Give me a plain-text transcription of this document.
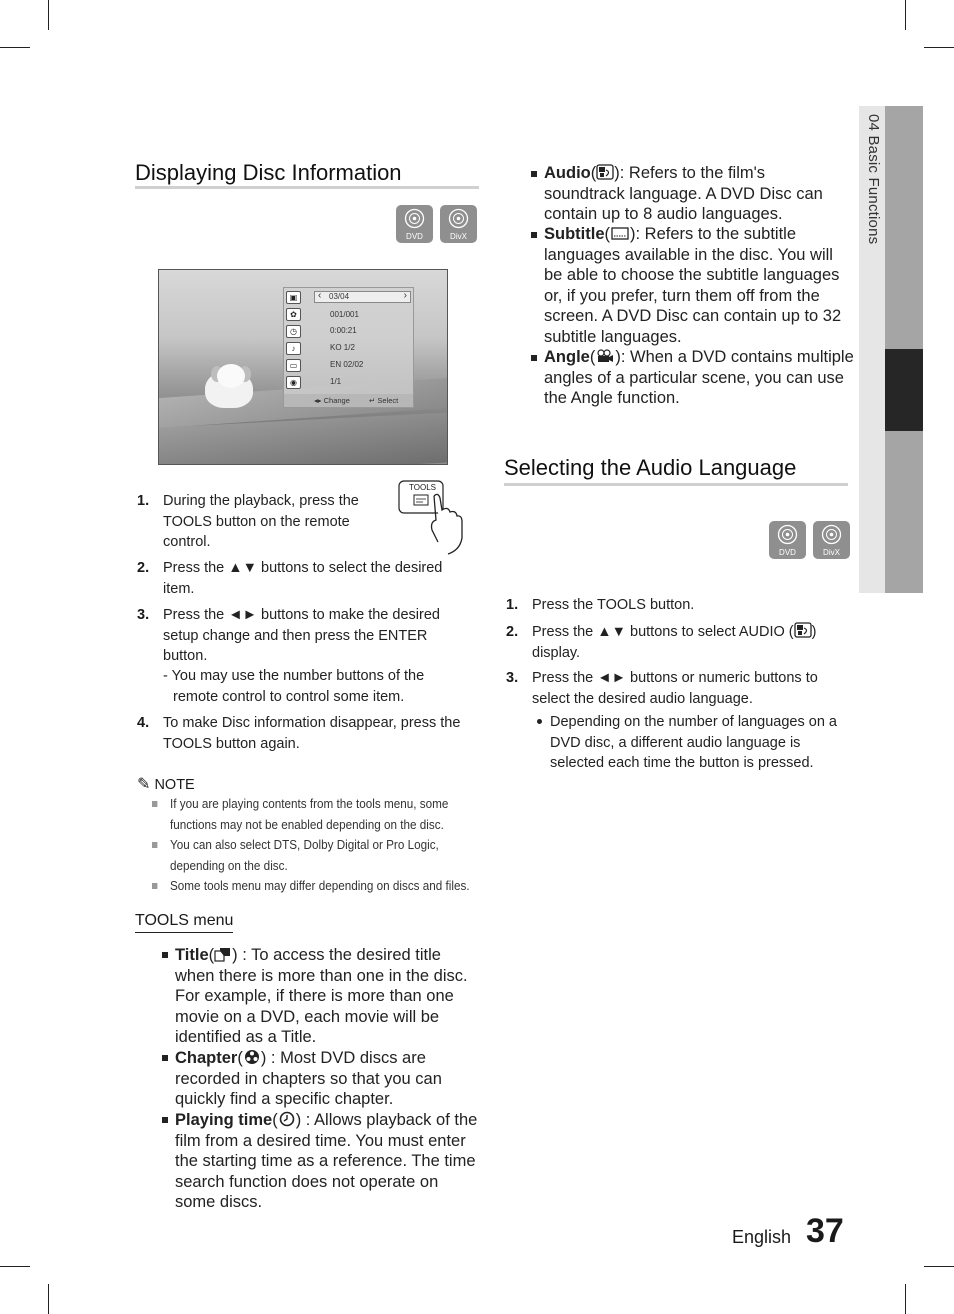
04 Basic Functions
Displaying Disc Information
DVD	DivX
▣
✿
◷
♪
▭
◉
‹ 03/04 ›
001/001
0:00:21
KO 1/2
EN 02/02
1/1
◂▸ Change	↵ Select
TOOLS
1. During the playback, press the TOOLS button on the remote control.
2. Press the ▲▼ buttons to select the desired item.
3. Press the ◄► buttons to make the desired setup change and then press the ENTER button.
- You may use the number buttons of the remote control to control some item.
4. To make Disc information disappear, press the TOOLS button again.
✎ NOTE
If you are playing contents from the tools menu, some functions may not be enabled depending on the disc.
You can also select DTS, Dolby Digital or Pro Logic, depending on the disc.
Some tools menu may differ depending on discs and files.
TOOLS menu
Title( ) : To access the desired title when there is more than one in the disc. For example, if there is more than one movie on a DVD, each movie will be identified as a Title.
Chapter( ) : Most DVD discs are recorded in chapters so that you can quickly find a specific chapter.
Playing time( ) : Allows playback of the film from a desired time. You must enter the starting time as a reference. The time search function does not operate on some discs.
Audio( ): Refers to the film's soundtrack language. A DVD Disc can contain up to 8 audio languages.
Subtitle( ): Refers to the subtitle languages available in the disc. You will be able to choose the subtitle languages or, if you prefer, turn them off from the screen. A DVD Disc can contain up to 32 subtitle languages.
Angle( ): When a DVD contains multiple angles of a particular scene, you can use the Angle function.
Selecting the Audio Language
DVD	DivX
1. Press the TOOLS button.
2. Press the ▲▼ buttons to select AUDIO ( ) display.
3. Press the ◄► buttons or numeric buttons to select the desired audio language.
Depending on the number of languages on a DVD disc, a different audio language is selected each time the button is pressed.
English 37
